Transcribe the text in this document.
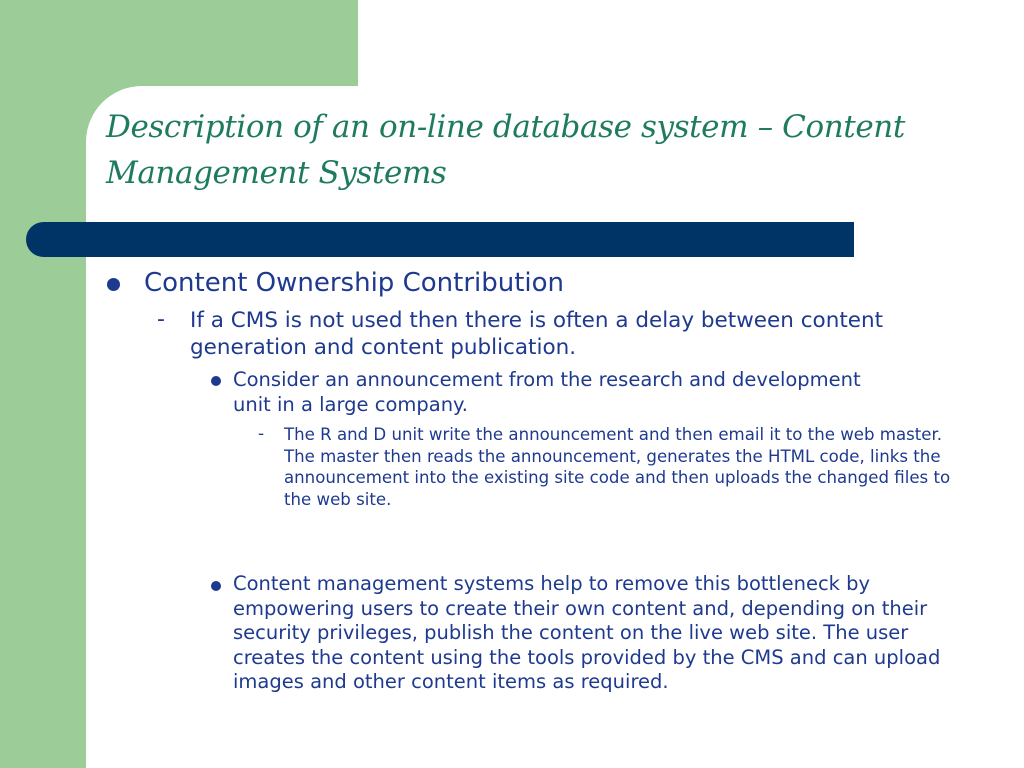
Description of an on-line database system – Content Management Systems
Content Ownership Contribution
- If a CMS is not used then there is often a delay between content generation and content publication.
Consider an announcement from the research and development unit in a large company.
- The R and D unit write the announcement and then email it to the web master. The master then reads the announcement, generates the HTML code, links the announcement into the existing site code and then uploads the changed files to the web site.
Content management systems help to remove this bottleneck by empowering users to create their own content and, depending on their security privileges, publish the content on the live web site. The user creates the content using the tools provided by the CMS and can upload images and other content items as required.
